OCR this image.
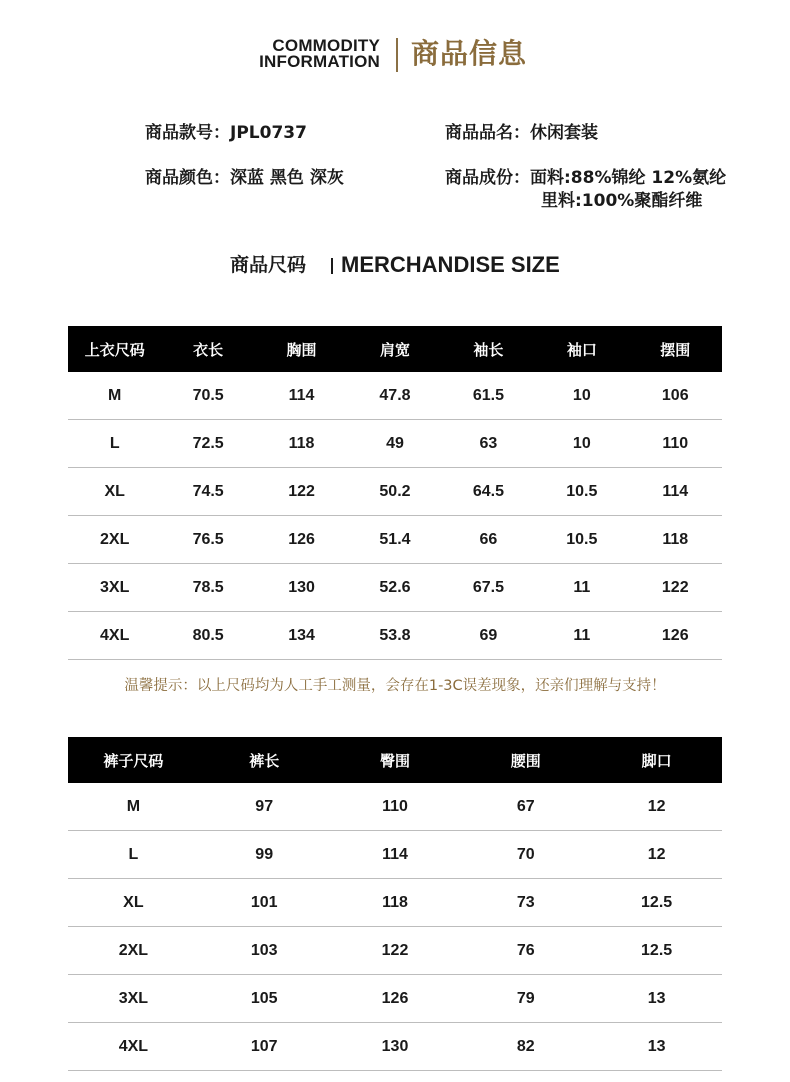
COMMODITY
INFORMATION 商品信息
商品款号：JPL0737	商品品名：休闲套装
商品颜色：深蓝 黑色 深灰	商品成份：面料:88%锦纶 12%氨纶
里料:100%聚酯纤维
商品尺码 MERCHANDISE SIZE
上衣尺码	衣长	胸围	肩宽	袖长	袖口	摆围
M	70.5	114	47.8	61.5	10	106
L	72.5	118	49	63	10	110
XL	74.5	122	50.2	64.5	10.5	114
2XL	76.5	126	51.4	66	10.5	118
3XL	78.5	130	52.6	67.5	11	122
4XL	80.5	134	53.8	69	11	126
温馨提示：以上尺码均为人工手工测量，会存在1-3C误差现象，还亲们理解与支持！
裤子尺码	裤长	臀围	腰围	脚口
M	97	110	67	12
L	99	114	70	12
XL	101	118	73	12.5
2XL	103	122	76	12.5
3XL	105	126	79	13
4XL	107	130	82	13
